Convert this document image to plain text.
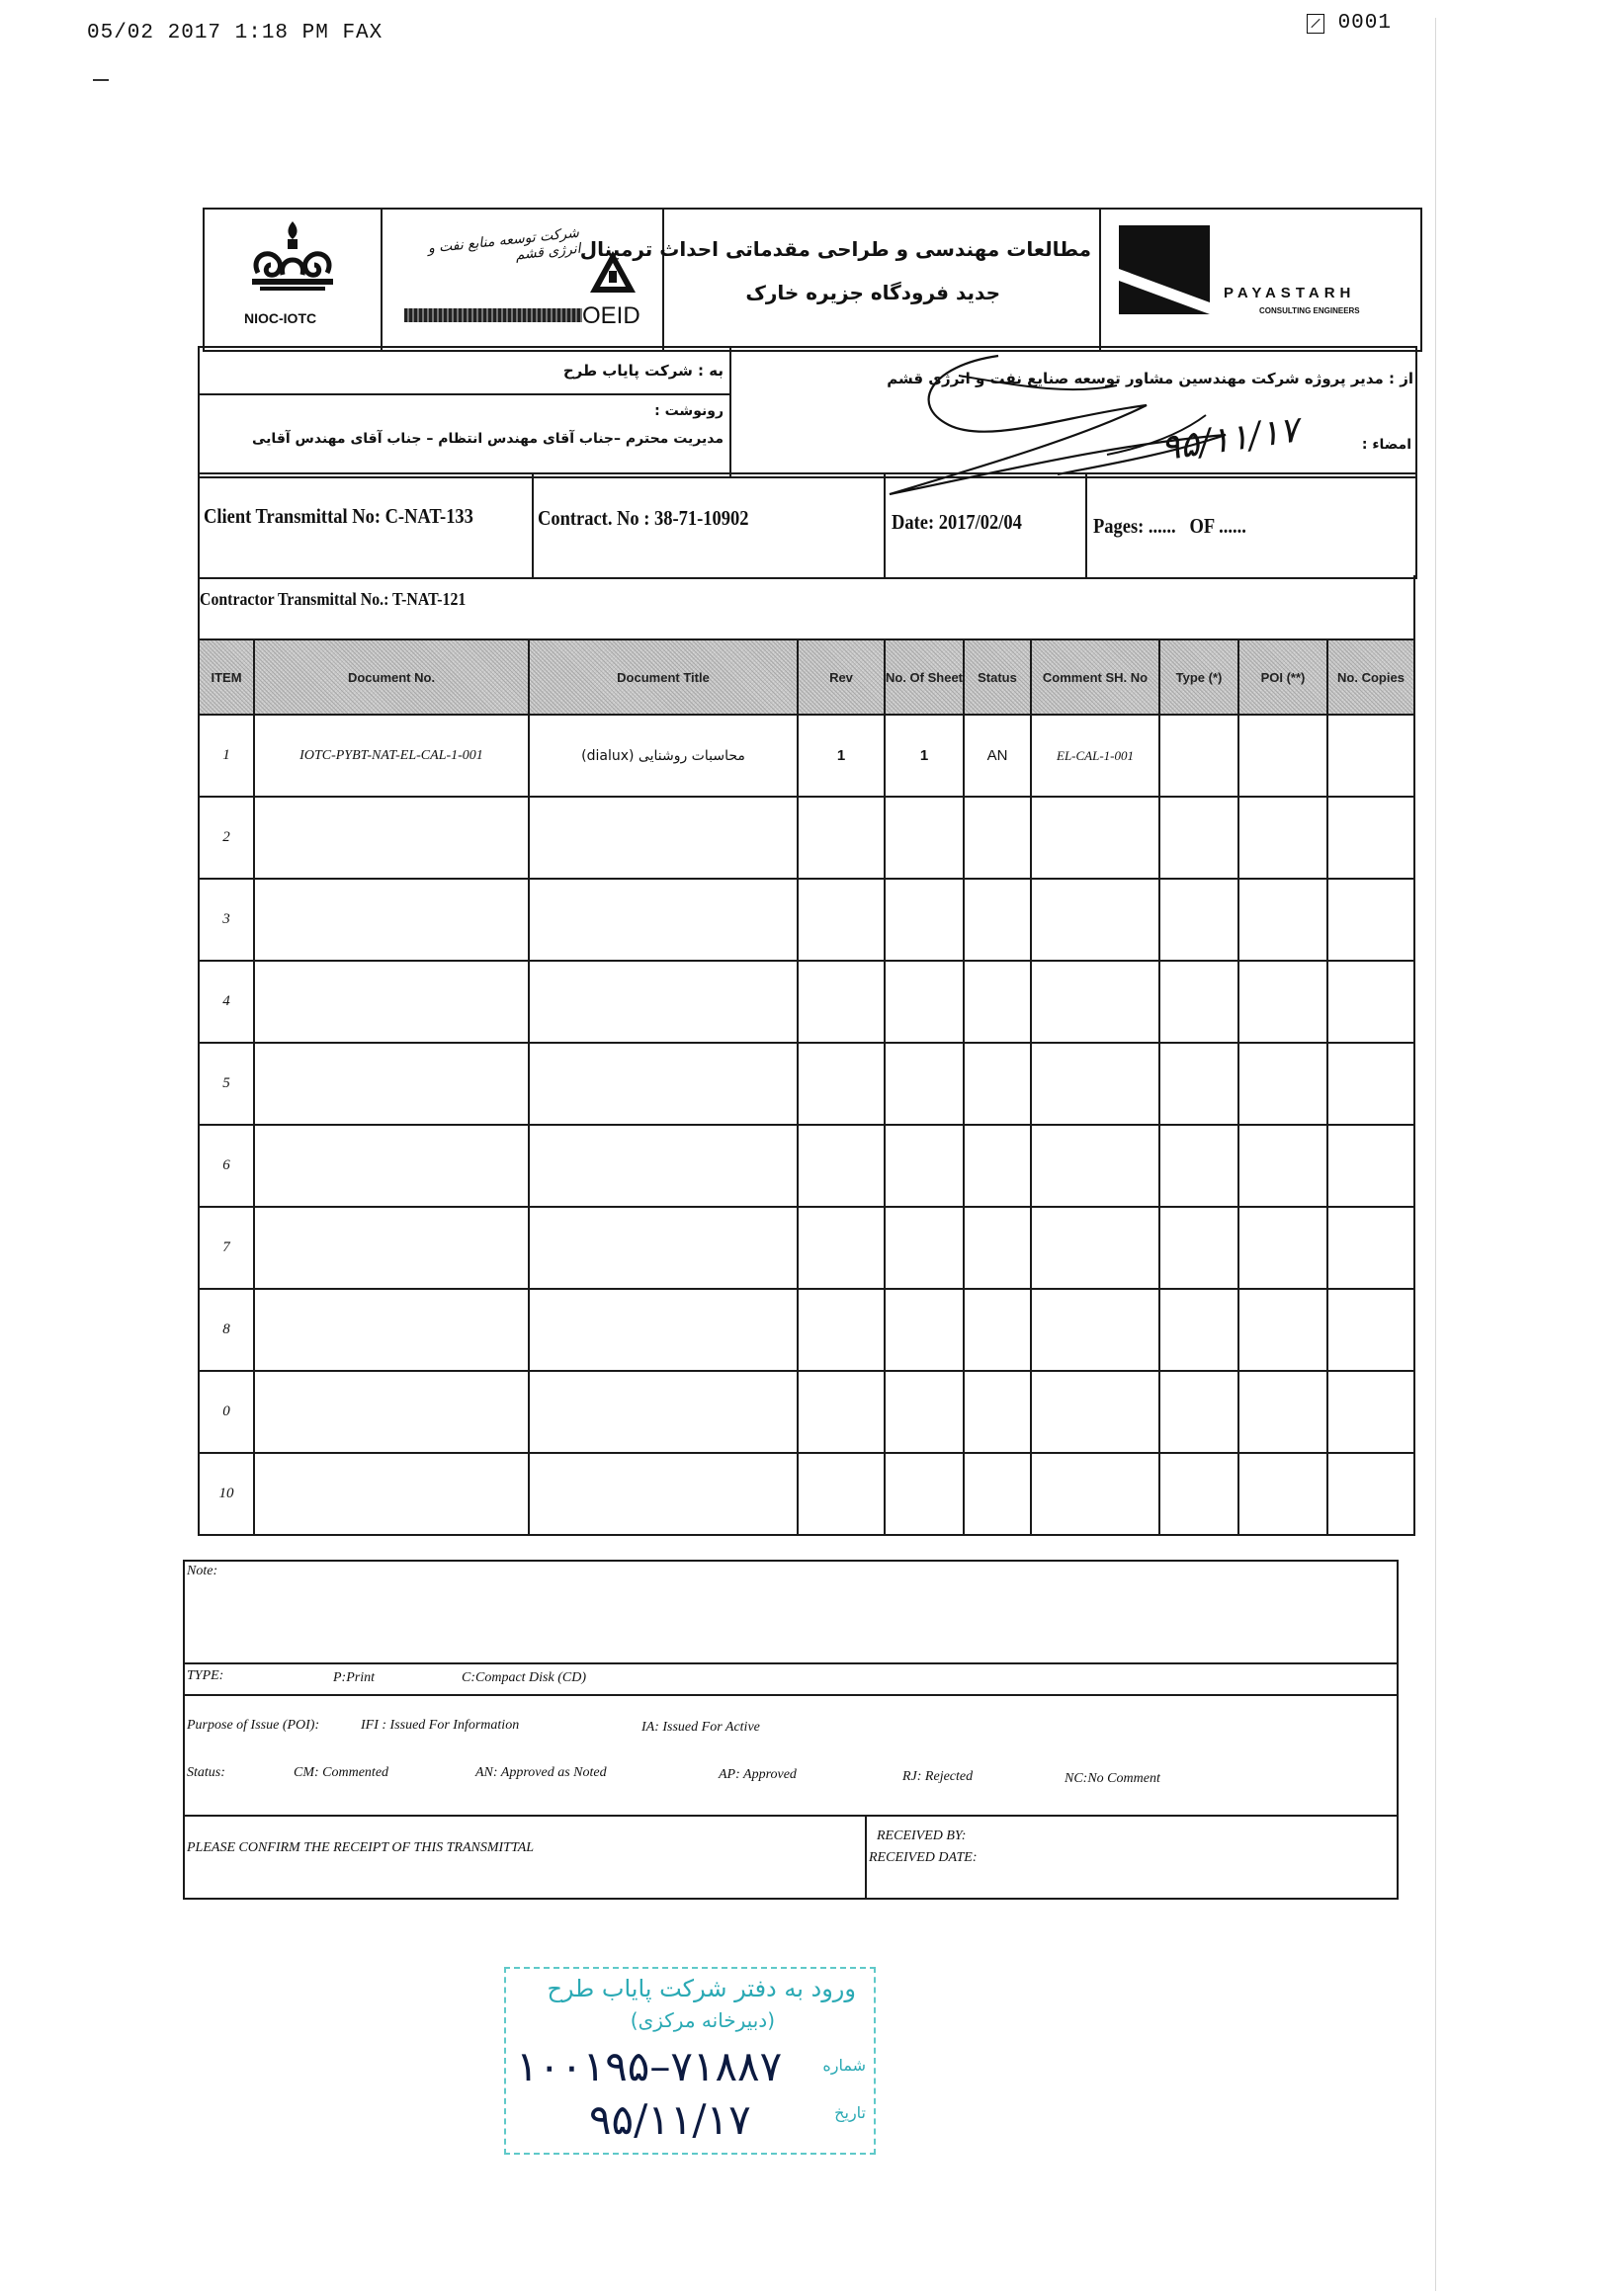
05/02 2017 1:18 PM FAX	0001
NIOC-IOTC
شرکت توسعه منابع نفت و انرژی قشم
OEID
مطالعات مهندسی و طراحی مقدماتی احداث ترمینال
جدید فرودگاه جزیره خارک	PAYASTARH
CONSULTING ENGINEERS
به : شرکت پایاب طرح
رونوشت :
مدیریت محترم –جناب آقای مهندس انتظام – جناب آقای مهندس آقایی
از : مدیر پروژه شرکت مهندسین مشاور توسعه صنایع نفت و انرژی قشم
امضاء :
۹۵/۱۱/۱۷
Client Transmittal No: C-NAT-133	Contract. No : 38-71-10902	Date: 2017/02/04	Pages: ......   OF ......
Contractor Transmittal No.: T-NAT-121
ITEM	Document No.	Document Title	Rev	No. Of Sheet	Status	Comment SH. No	Type (*)	POI (**)	No. Copies
1	IOTC-PYBT-NAT-EL-CAL-1-001	محاسبات روشنایی (dialux)	1	1	AN	EL-CAL-1-001			
2									
3									
4									
5									
6									
7									
8									
0									
10									
Note:
TYPE:	P:Print	C:Compact Disk (CD)
Purpose of Issue (POI):	IFI : Issued For Information	IA: Issued For Active
Status:	CM: Commented	AN: Approved as Noted	AP: Approved	RJ: Rejected	NC:No Comment
PLEASE CONFIRM THE RECEIPT OF THIS TRANSMITTAL
RECEIVED BY:
RECEIVED DATE:
ورود به دفتر شرکت پایاب طرح
(دبیرخانه مرکزی)
شماره
تاریخ
۱۰۰۱۹۵–۷۱۸۸۷
۹۵/۱۱/۱۷
